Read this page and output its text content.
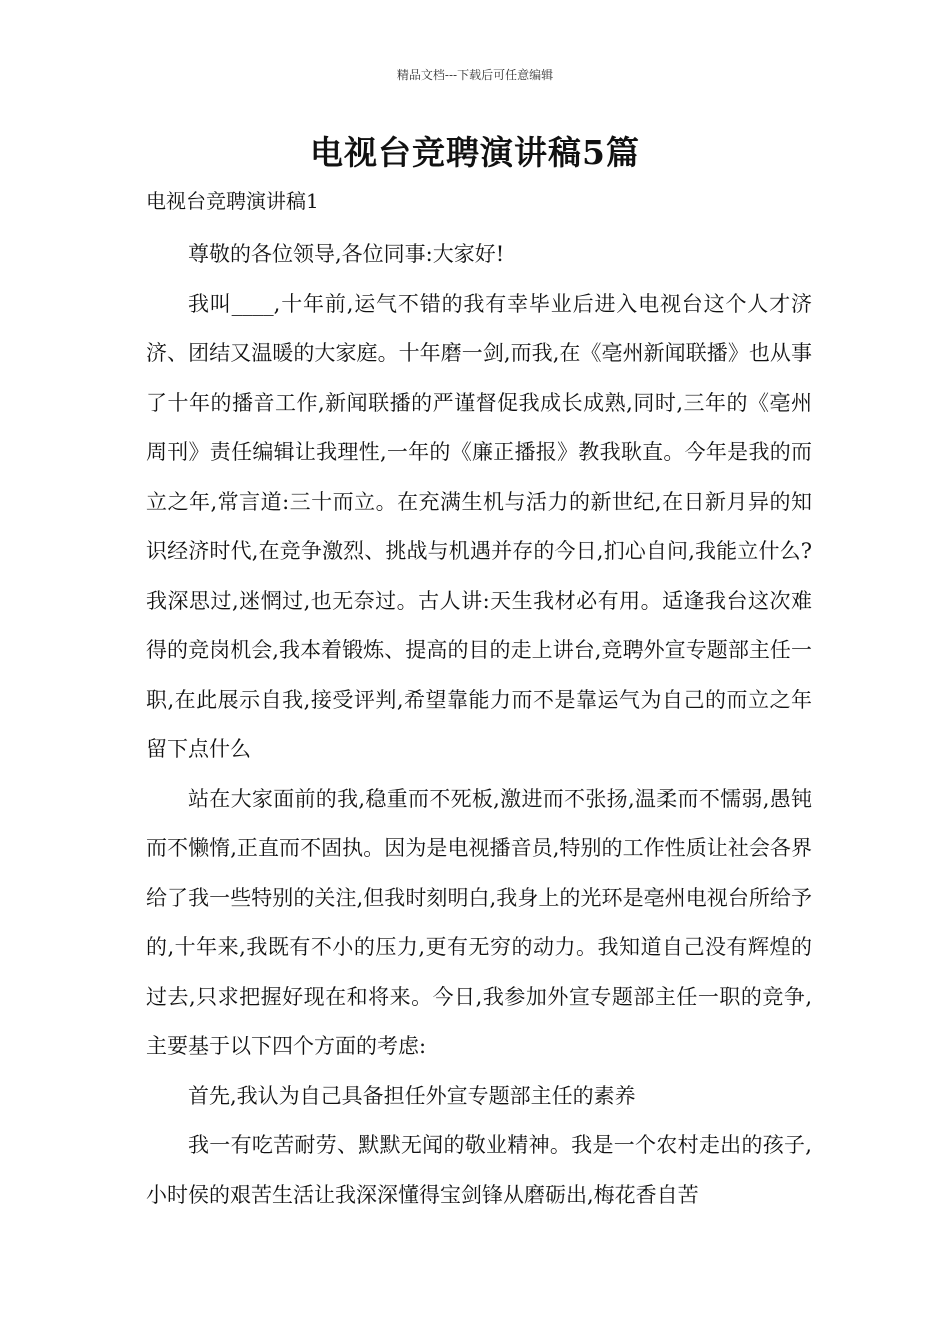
精品文档---下载后可任意编辑
电视台竞聘演讲稿5篇
电视台竞聘演讲稿1

尊敬的各位领导,各位同事:大家好!

我叫____,十年前,运气不错的我有幸毕业后进入电视台这个人才济济、团结又温暖的大家庭。十年磨一剑,而我,在《亳州新闻联播》也从事了十年的播音工作,新闻联播的严谨督促我成长成熟,同时,三年的《亳州周刊》责任编辑让我理性,一年的《廉正播报》教我耿直。今年是我的而立之年,常言道:三十而立。在充满生机与活力的新世纪,在日新月异的知识经济时代,在竞争激烈、挑战与机遇并存的今日,扪心自问,我能立什么?我深思过,迷惘过,也无奈过。古人讲:天生我材必有用。适逢我台这次难得的竞岗机会,我本着锻炼、提高的目的走上讲台,竞聘外宣专题部主任一职,在此展示自我,接受评判,希望靠能力而不是靠运气为自己的而立之年留下点什么

站在大家面前的我,稳重而不死板,激进而不张扬,温柔而不懦弱,愚钝而不懒惰,正直而不固执。因为是电视播音员,特别的工作性质让社会各界给了我一些特别的关注,但我时刻明白,我身上的光环是亳州电视台所给予的,十年来,我既有不小的压力,更有无穷的动力。我知道自己没有辉煌的过去,只求把握好现在和将来。今日,我参加外宣专题部主任一职的竞争,主要基于以下四个方面的考虑:

首先,我认为自己具备担任外宣专题部主任的素养

我一有吃苦耐劳、默默无闻的敬业精神。我是一个农村走出的孩子,小时侯的艰苦生活让我深深懂得宝剑锋从磨砺出,梅花香自苦
